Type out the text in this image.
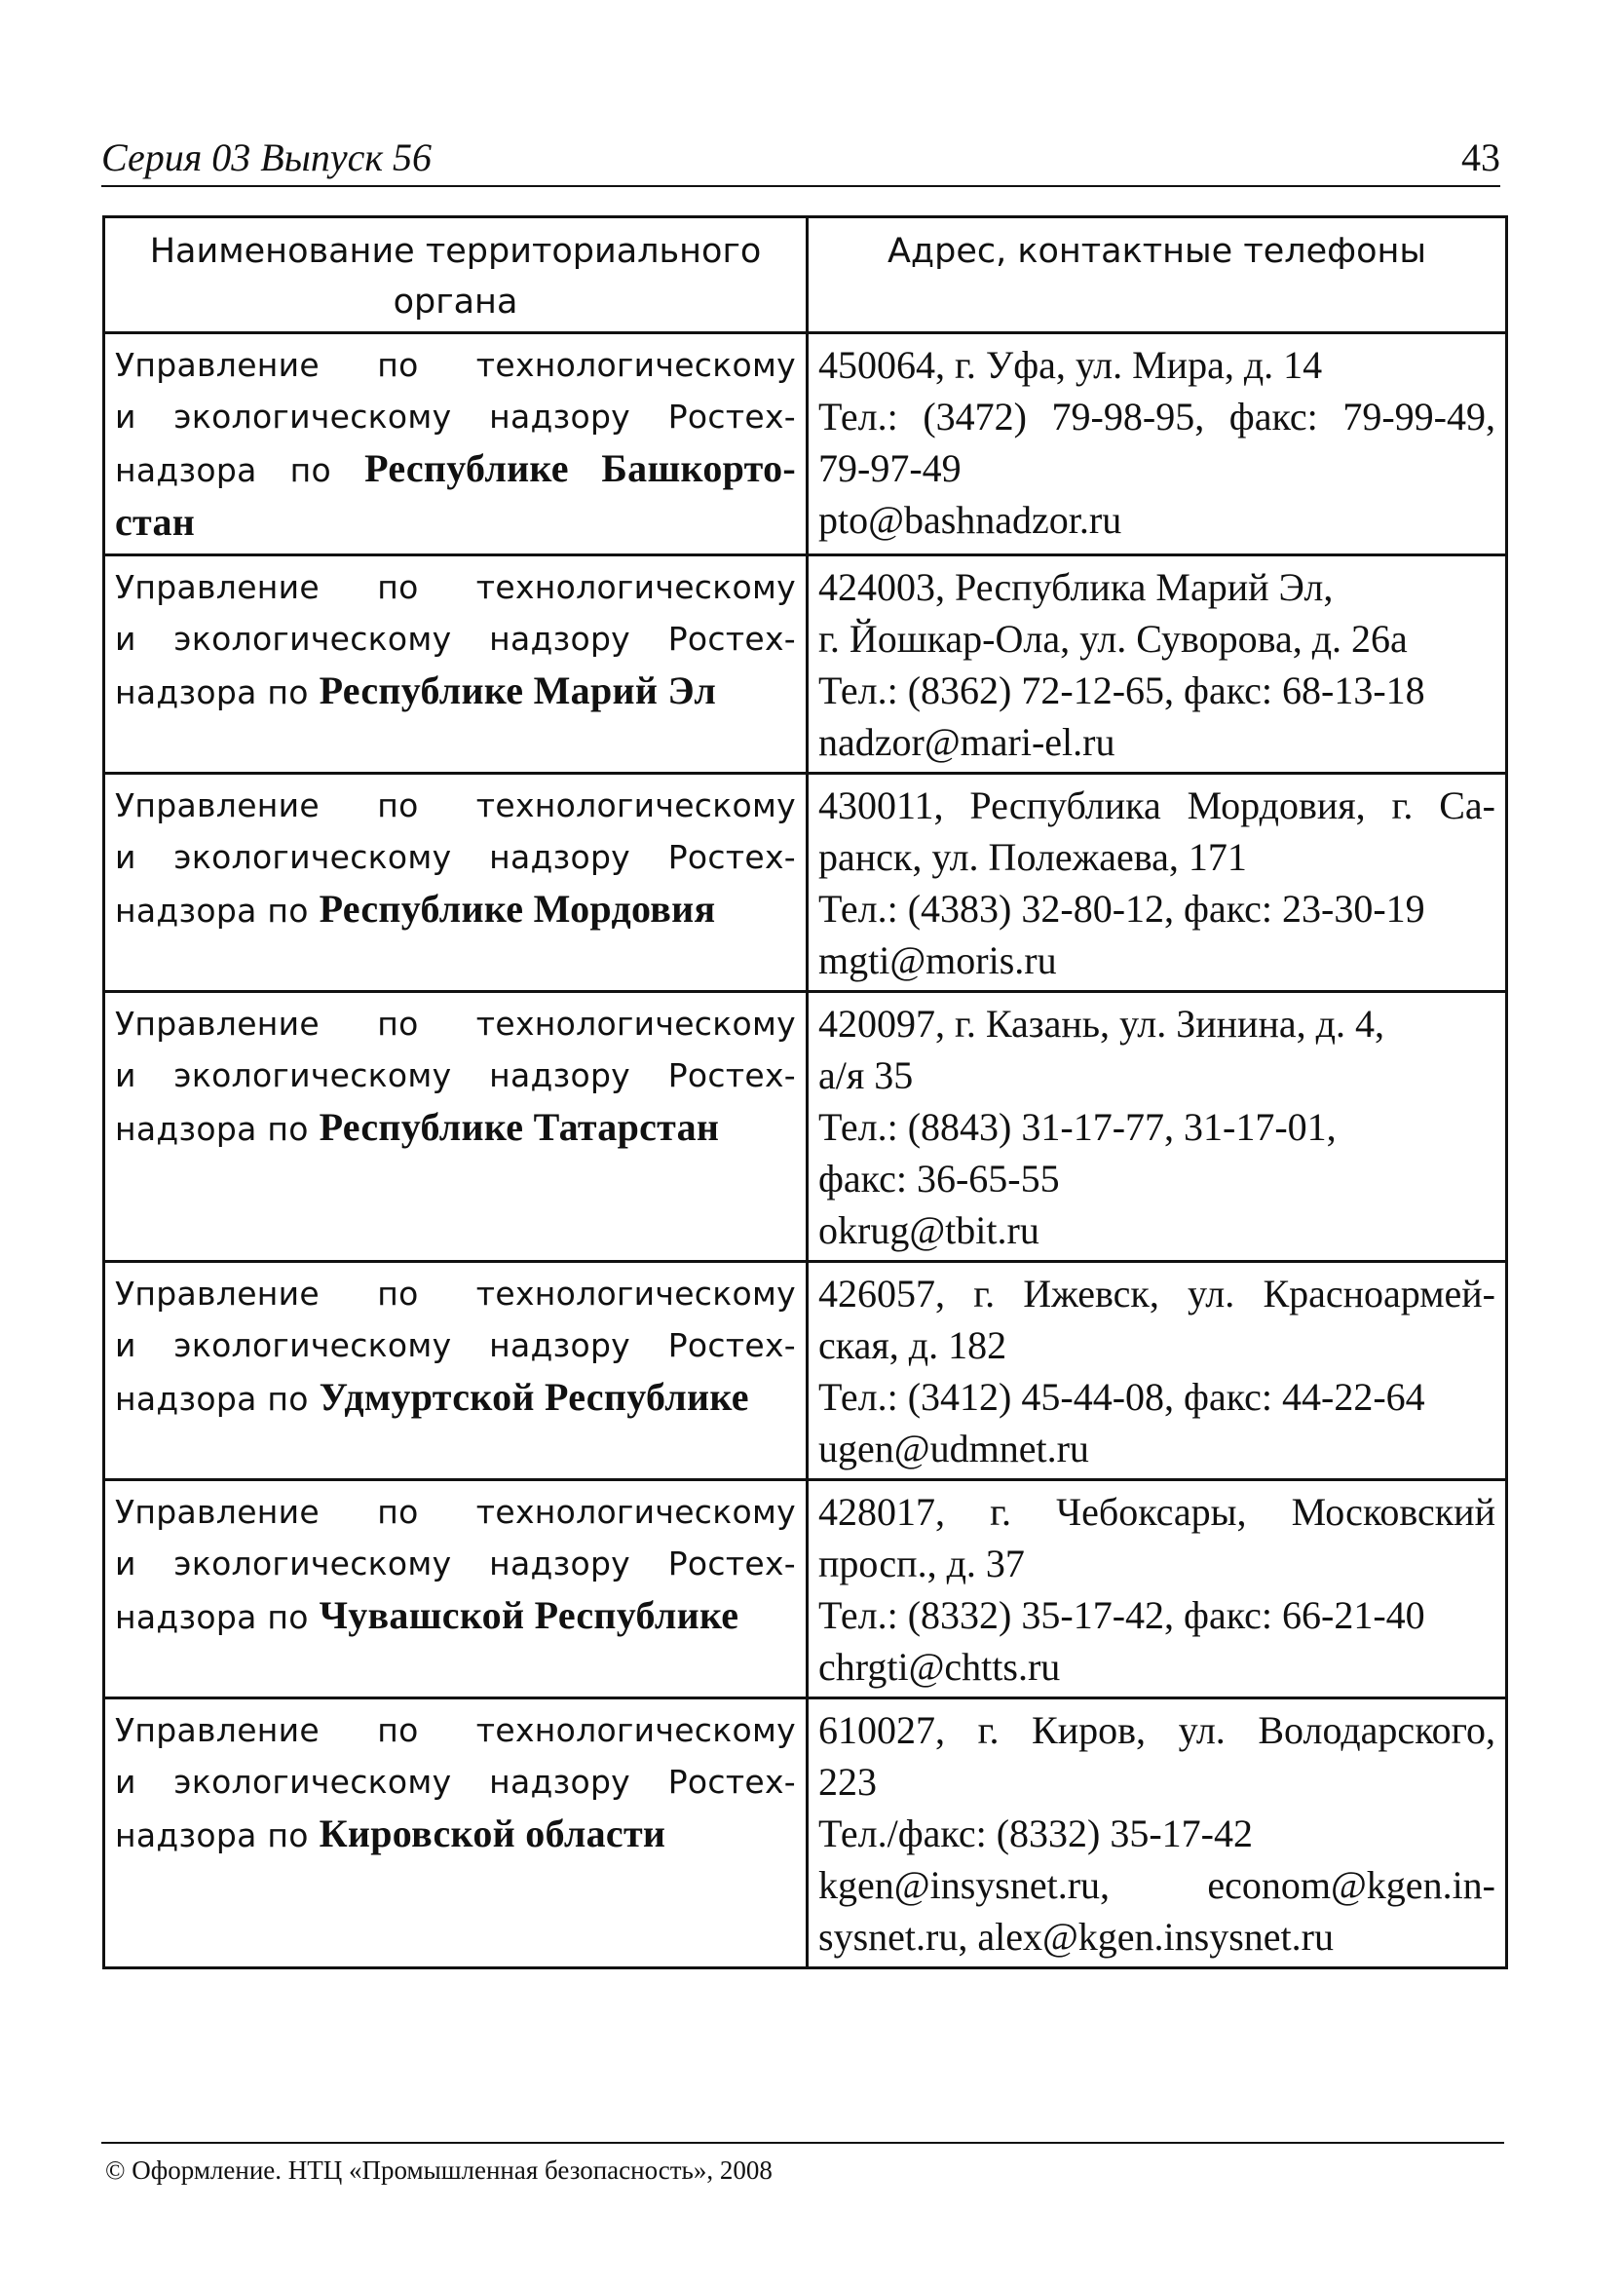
Серия 03 Выпуск 56	43
Наименование территориального органа	Адрес, контактные телефоны

Управление по технологическому
и экологическому надзору Ростех-
надзора по Республике Башкорто-
стан	450064, г. Уфа, ул. Мира, д. 14
Тел.: (3472) 79-98-95, факс: 79-99-49,
79-97-49
pto@bashnadzor.ru

Управление по технологическому
и экологическому надзору Ростех-
надзора по Республике Марий Эл	424003, Республика Марий Эл,
г. Йошкар-Ола, ул. Суворова, д. 26а
Тел.: (8362) 72-12-65, факс: 68-13-18
nadzor@mari-el.ru

Управление по технологическому
и экологическому надзору Ростех-
надзора по Республике Мордовия	430011, Республика Мордовия, г. Са-
ранск, ул. Полежаева, 171
Тел.: (4383) 32-80-12, факс: 23-30-19
mgti@moris.ru

Управление по технологическому
и экологическому надзору Ростех-
надзора по Республике Татарстан	420097, г. Казань, ул. Зинина, д. 4,
а/я 35
Тел.: (8843) 31-17-77, 31-17-01,
факс: 36-65-55
okrug@tbit.ru

Управление по технологическому
и экологическому надзору Ростех-
надзора по Удмуртской Республике	426057, г. Ижевск, ул. Красноармей-
ская, д. 182
Тел.: (3412) 45-44-08, факс: 44-22-64
ugen@udmnet.ru

Управление по технологическому
и экологическому надзору Ростех-
надзора по Чувашской Республике	428017, г. Чебоксары, Московский
просп., д. 37
Тел.: (8332) 35-17-42, факс: 66-21-40
chrgti@chtts.ru

Управление по технологическому
и экологическому надзору Ростех-
надзора по Кировской области	610027, г. Киров, ул. Володарского,
223
Тел./факс: (8332) 35-17-42
kgen@insysnet.ru, econom@kgen.in-
sysnet.ru, alex@kgen.insysnet.ru
© Оформление. НТЦ «Промышленная безопасность», 2008
